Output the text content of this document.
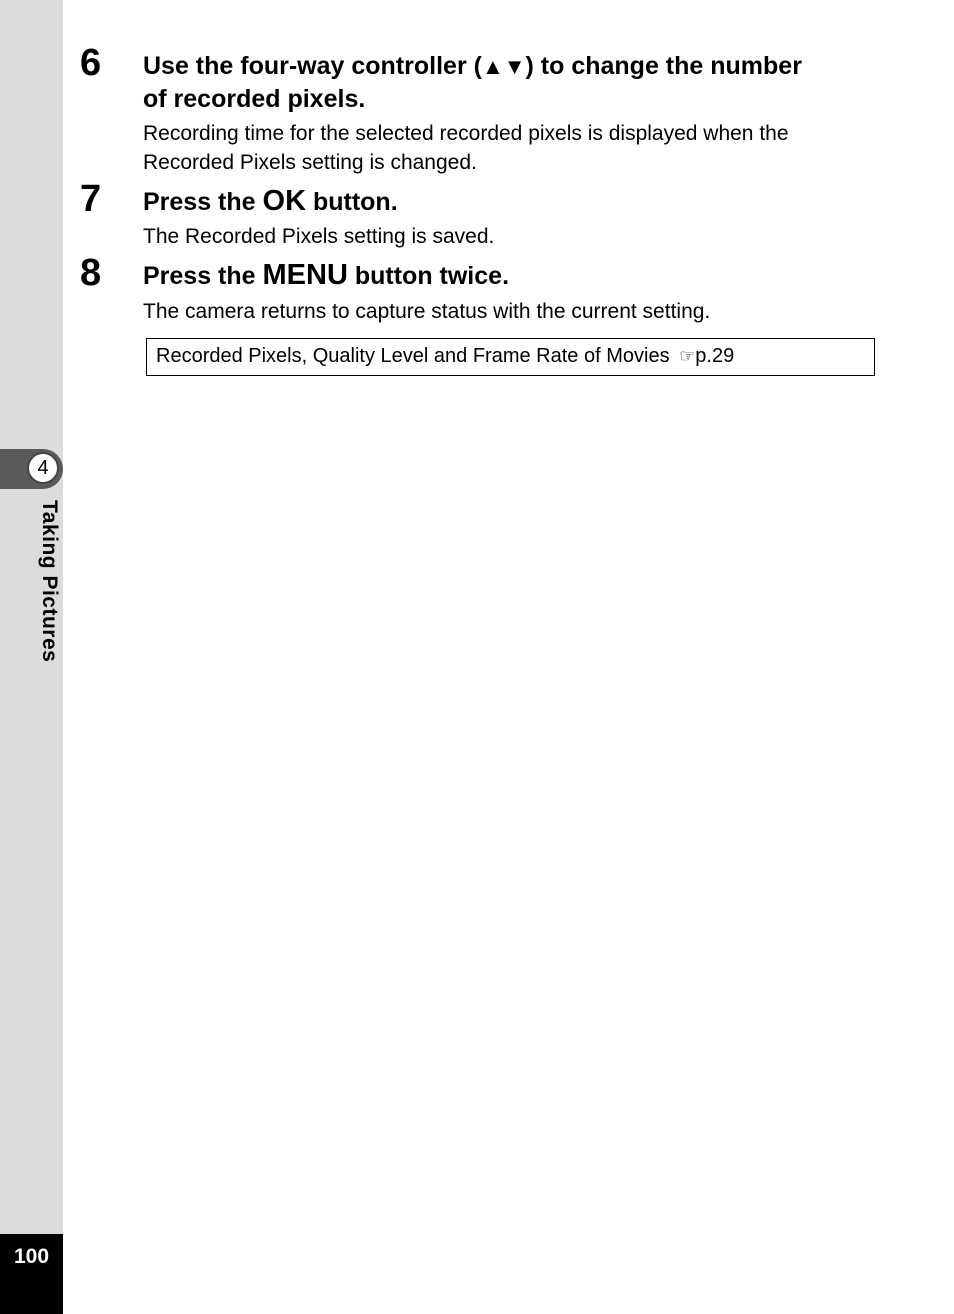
4
Taking Pictures
100
6 Use the four-way controller (▲▼) to change the number
of recorded pixels.
Recording time for the selected recorded pixels is displayed when the
Recorded Pixels setting is changed.
7 Press the OK button.
The Recorded Pixels setting is saved.
8 Press the MENU button twice.
The camera returns to capture status with the current setting.
Recorded Pixels, Quality Level and Frame Rate of Movies ☞p.29
